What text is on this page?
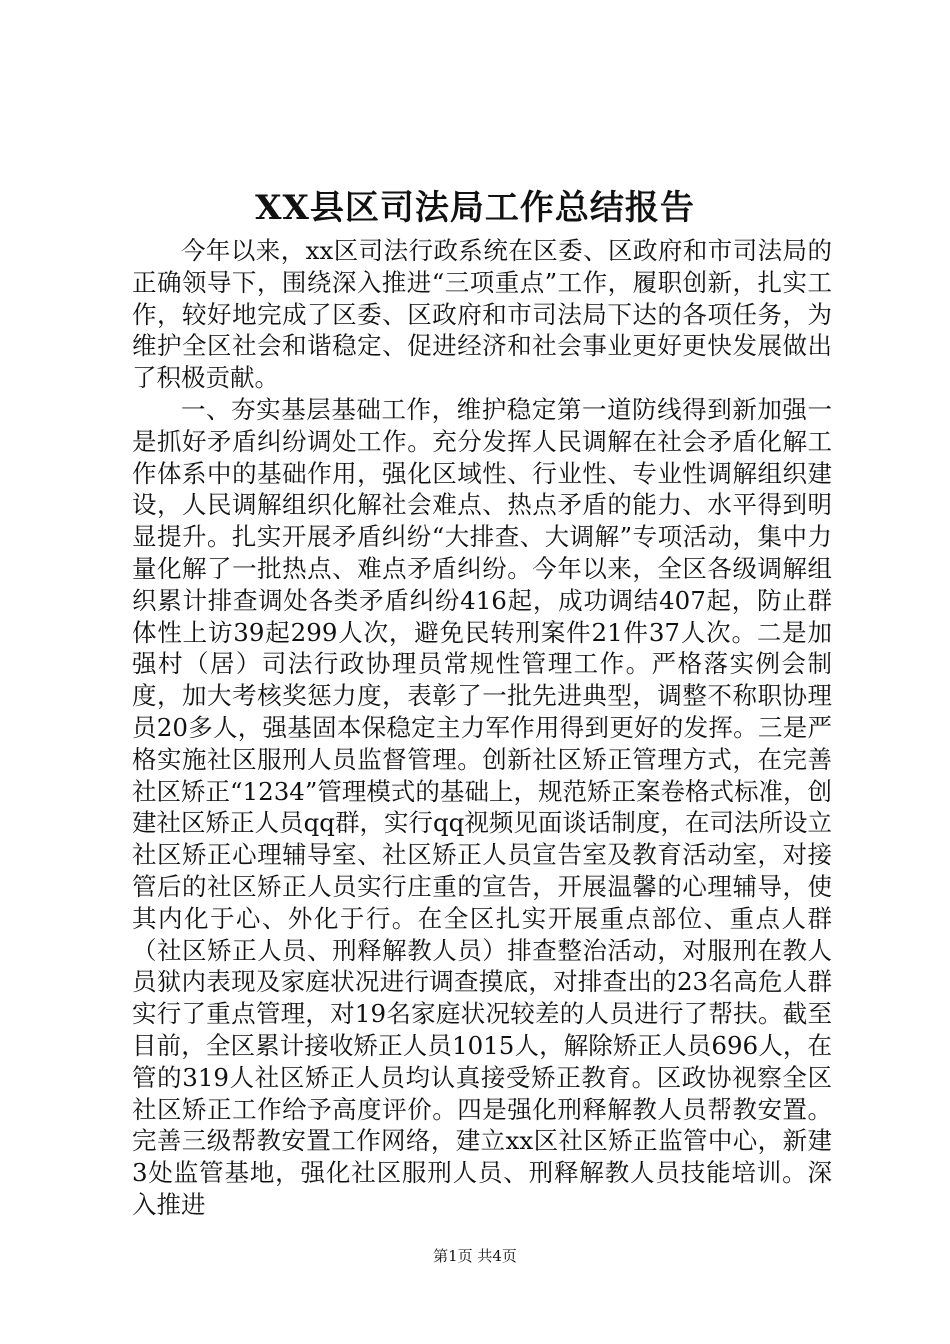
XX县区司法局工作总结报告

今年以来，xx区司法行政系统在区委、区政府和市司法局的正确领导下，围绕深入推进“三项重点”工作，履职创新，扎实工作，较好地完成了区委、区政府和市司法局下达的各项任务，为维护全区社会和谐稳定、促进经济和社会事业更好更快发展做出了积极贡献。

一、夯实基层基础工作，维护稳定第一道防线得到新加强一是抓好矛盾纠纷调处工作。充分发挥人民调解在社会矛盾化解工作体系中的基础作用，强化区域性、行业性、专业性调解组织建设，人民调解组织化解社会难点、热点矛盾的能力、水平得到明显提升。扎实开展矛盾纠纷“大排查、大调解”专项活动，集中力量化解了一批热点、难点矛盾纠纷。今年以来，全区各级调解组织累计排查调处各类矛盾纠纷416起，成功调结407起，防止群体性上访39起299人次，避免民转刑案件21件37人次。二是加强村（居）司法行政协理员常规性管理工作。严格落实例会制度，加大考核奖惩力度，表彰了一批先进典型，调整不称职协理员20多人，强基固本保稳定主力军作用得到更好的发挥。三是严格实施社区服刑人员监督管理。创新社区矫正管理方式，在完善社区矫正“1234”管理模式的基础上，规范矫正案卷格式标准，创建社区矫正人员qq群，实行qq视频见面谈话制度，在司法所设立社区矫正心理辅导室、社区矫正人员宣告室及教育活动室，对接管后的社区矫正人员实行庄重的宣告，开展温馨的心理辅导，使其内化于心、外化于行。在全区扎实开展重点部位、重点人群（社区矫正人员、刑释解教人员）排查整治活动，对服刑在教人员狱内表现及家庭状况进行调查摸底，对排查出的23名高危人群实行了重点管理，对19名家庭状况较差的人员进行了帮扶。截至目前，全区累计接收矫正人员1015人，解除矫正人员696人，在管的319人社区矫正人员均认真接受矫正教育。区政协视察全区社区矫正工作给予高度评价。四是强化刑释解教人员帮教安置。完善三级帮教安置工作网络，建立xx区社区矫正监管中心，新建3处监管基地，强化社区服刑人员、刑释解教人员技能培训。深入推进

第1页 共4页
